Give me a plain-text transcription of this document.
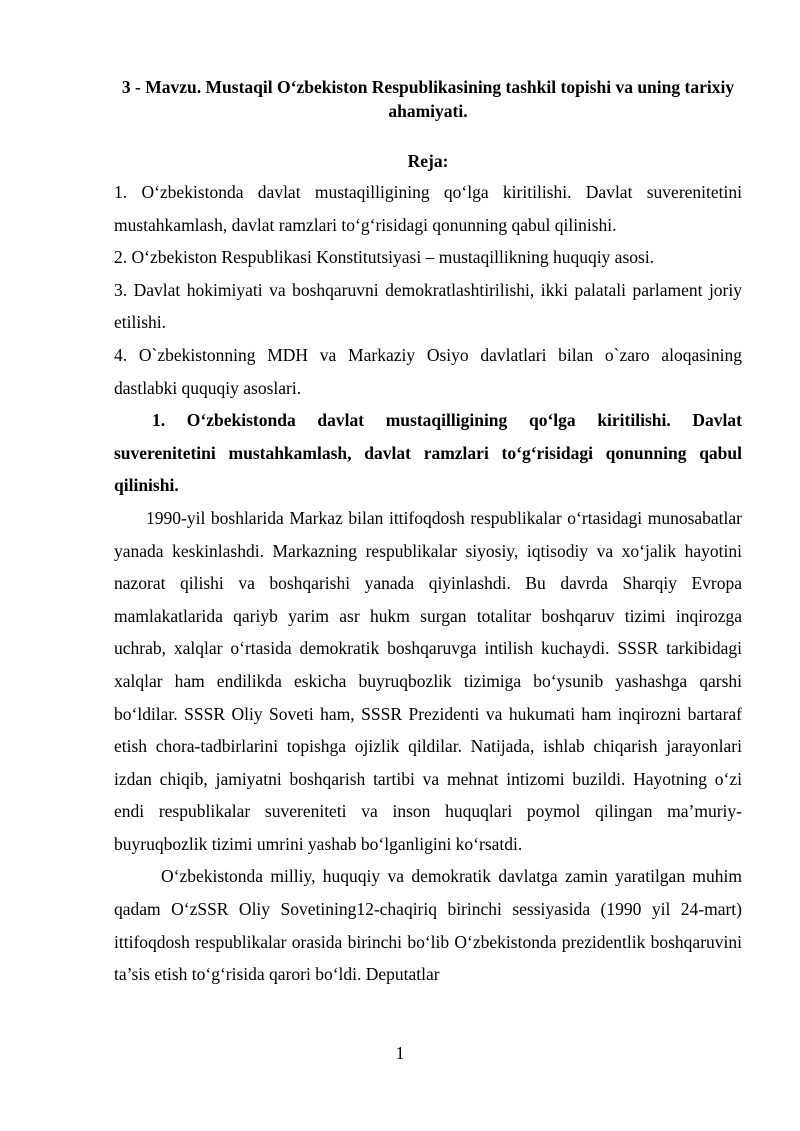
3 - Mavzu. Mustaqil O‘zbekiston Respublikasining tashkil topishi va uning tarixiy ahamiyati.

Reja:

1. O‘zbekistonda davlat mustaqilligining qo‘lga kiritilishi. Davlat suverenitetini mustahkamlash, davlat ramzlari to‘g‘risidagi qonunning qabul qilinishi.

2. O‘zbekiston Respublikasi Konstitutsiyasi – mustaqillikning huquqiy asosi.

3. Davlat hokimiyati va boshqaruvni demokratlashtirilishi, ikki palatali parlament joriy etilishi.

4. O`zbekistonning MDH va Markaziy Osiyo davlatlari bilan o`zaro aloqasining dastlabki ququqiy asoslari.

1. O‘zbekistonda davlat mustaqilligining qo‘lga kiritilishi. Davlat suverenitetini mustahkamlash, davlat ramzlari to‘g‘risidagi qonunning qabul qilinishi.

1990-yil boshlarida Markaz bilan ittifoqdosh respublikalar o‘rtasidagi munosabatlar yanada keskinlashdi. Markazning respublikalar siyosiy, iqtisodiy va xo‘jalik hayotini nazorat qilishi va boshqarishi yanada qiyinlashdi. Bu davrda Sharqiy Evropa mamlakatlarida qariyb yarim asr hukm surgan totalitar boshqaruv tizimi inqirozga uchrab, xalqlar o‘rtasida demokratik boshqaruvga intilish kuchaydi. SSSR tarkibidagi xalqlar ham endilikda eskicha buyruqbozlik tizimiga bo‘ysunib yashashga qarshi bo‘ldilar. SSSR Oliy Soveti ham, SSSR Prezidenti va hukumati ham inqirozni bartaraf etish chora-tadbirlarini topishga ojizlik qildilar. Natijada, ishlab chiqarish jarayonlari izdan chiqib, jamiyatni boshqarish tartibi va mehnat intizomi buzildi. Hayotning o‘zi endi respublikalar suvereniteti va inson huquqlari poymol qilingan ma’muriy-buyruqbozlik tizimi umrini yashab bo‘lganligini ko‘rsatdi.

O‘zbekistonda milliy, huquqiy va demokratik davlatga zamin yaratilgan muhim qadam O‘zSSR Oliy Sovetining12-chaqiriq birinchi sessiyasida (1990 yil 24-mart) ittifoqdosh respublikalar orasida birinchi bo‘lib O‘zbekistonda prezidentlik boshqaruvini ta’sis etish to‘g‘risida qarori bo‘ldi. Deputatlar

1
